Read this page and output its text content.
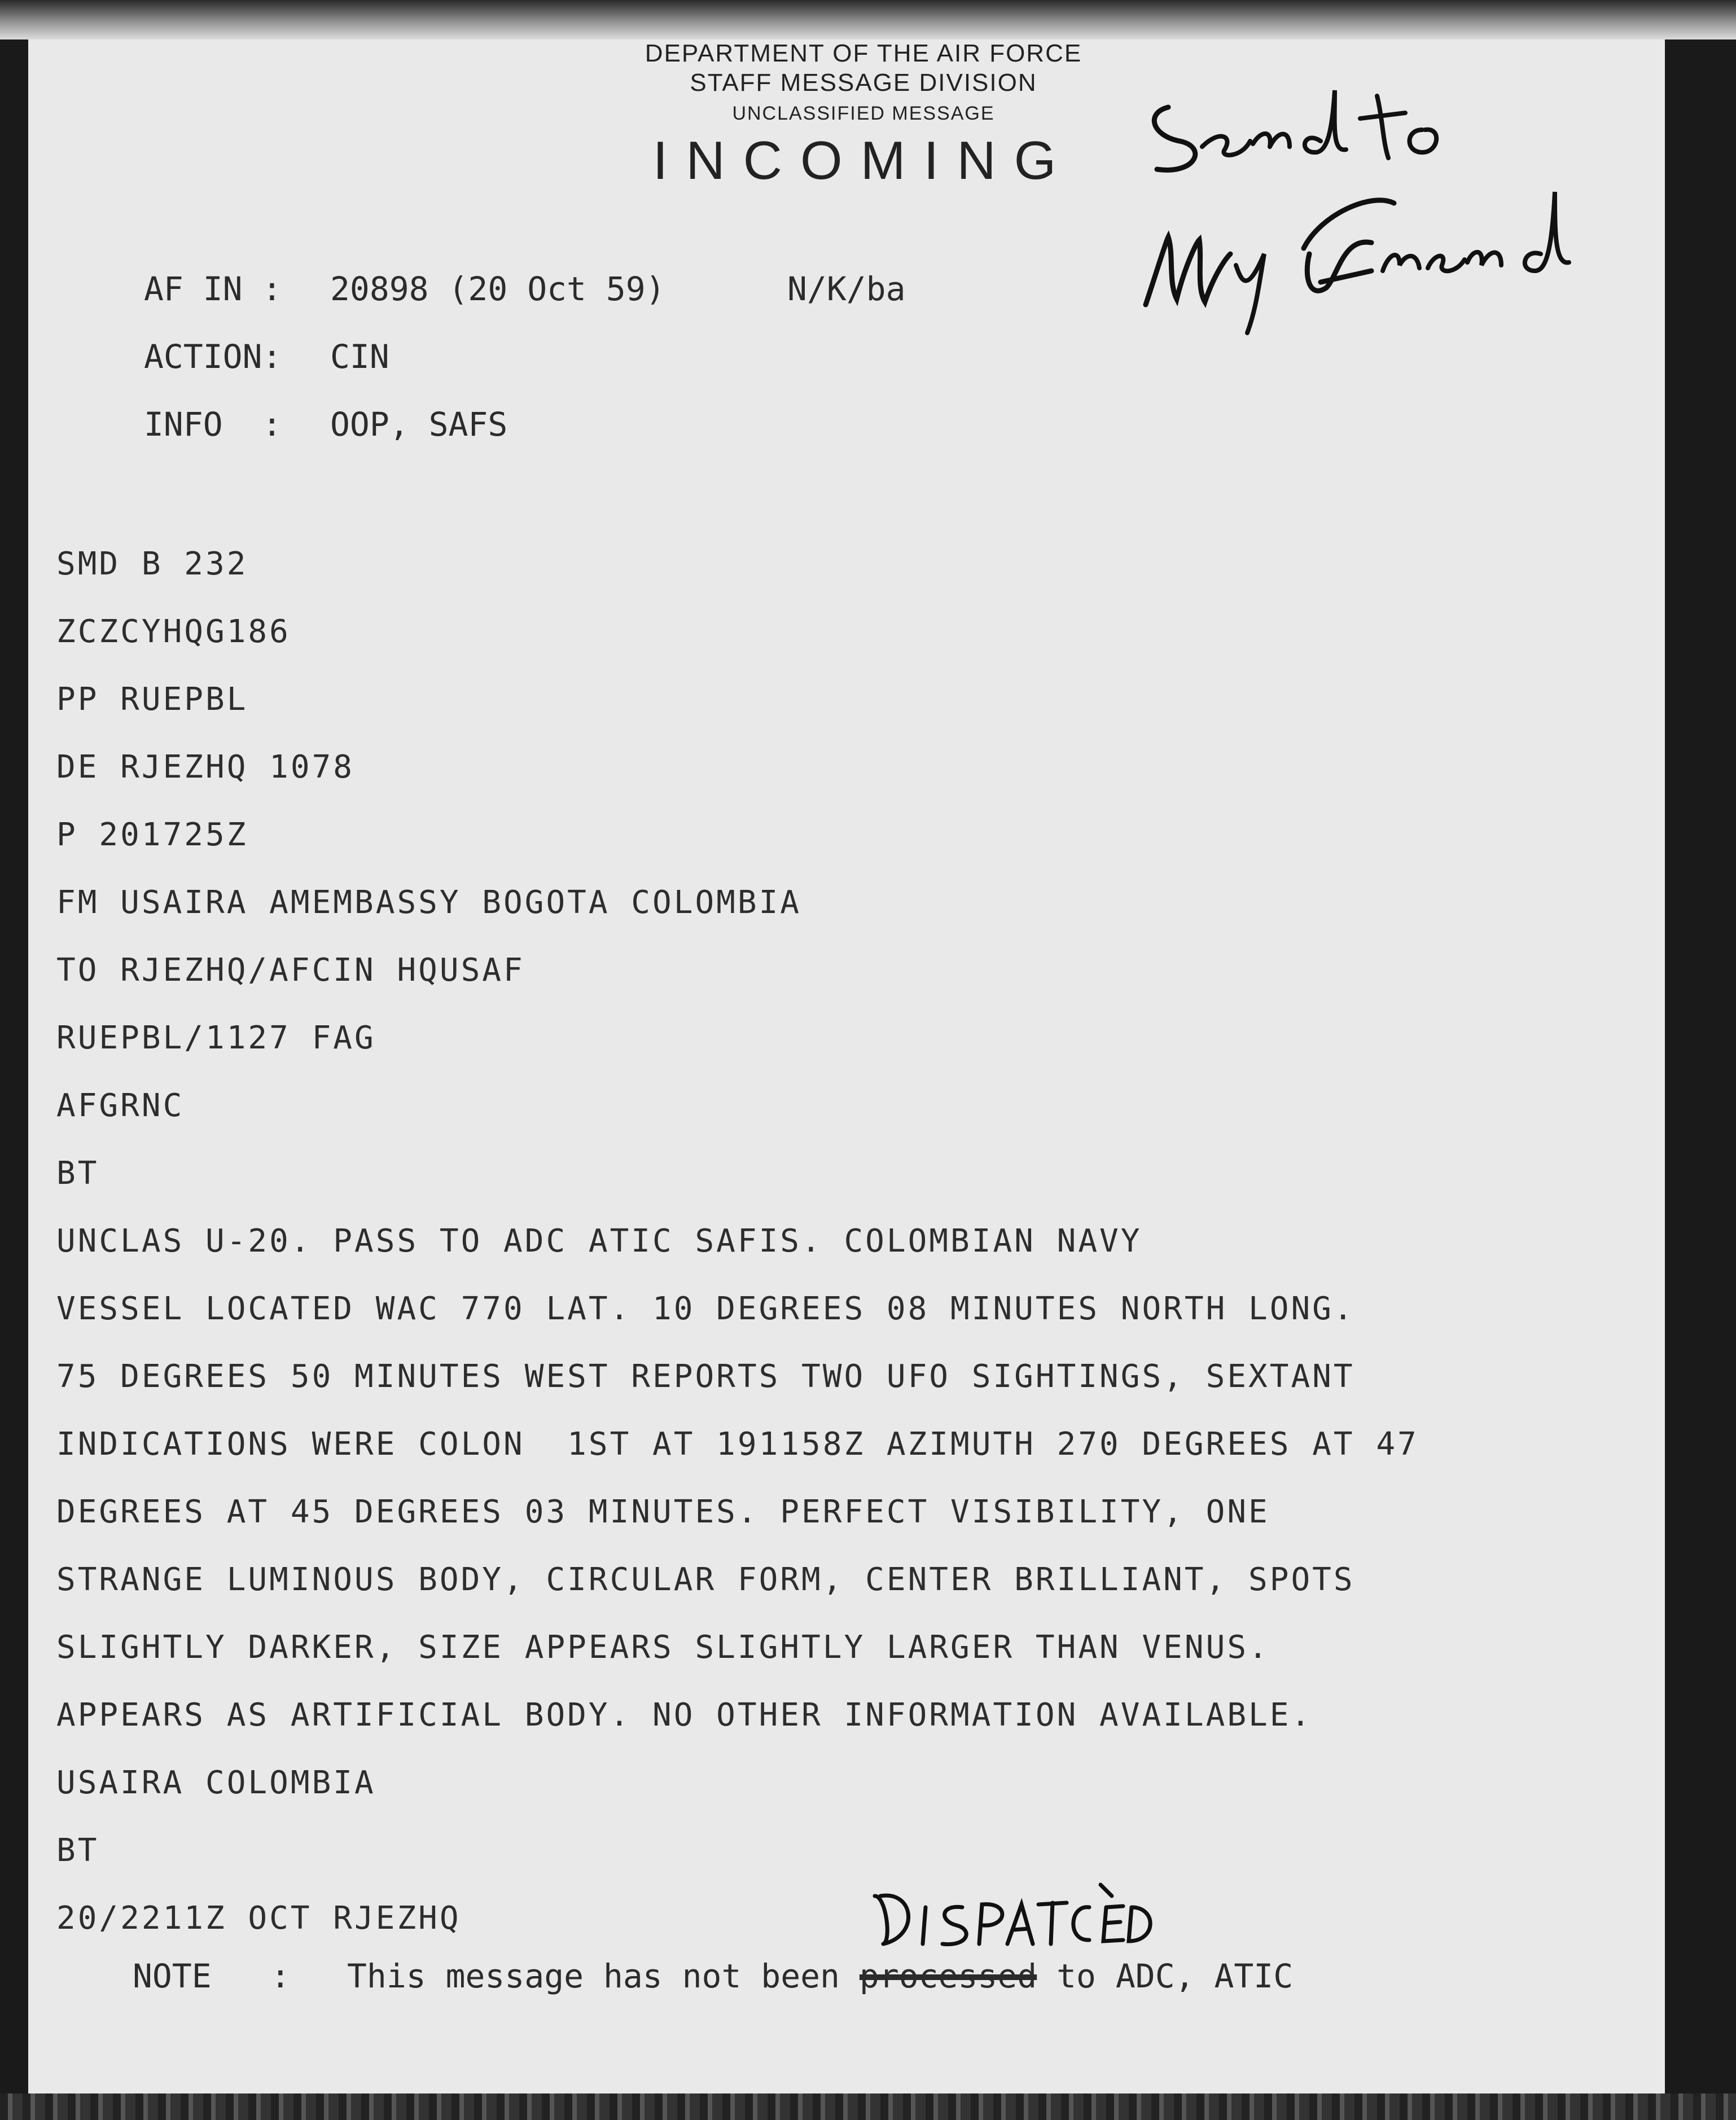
DEPARTMENT OF THE AIR FORCE
STAFF MESSAGE DIVISION
UNCLASSIFIED MESSAGE
INCOMING
AF IN : 20898 (20 Oct 59)
ACTION: CIN
INFO  : OOP, SAFS
N/K/ba
SMD B 232
ZCZCYHQG186
PP RUEPBL
DE RJEZHQ 1078
P 201725Z
FM USAIRA AMEMBASSY BOGOTA COLOMBIA
TO RJEZHQ/AFCIN HQUSAF
RUEPBL/1127 FAG
AFGRNC
BT
UNCLAS U-20. PASS TO ADC ATIC SAFIS. COLOMBIAN NAVY
VESSEL LOCATED WAC 770 LAT. 10 DEGREES 08 MINUTES NORTH LONG.
75 DEGREES 50 MINUTES WEST REPORTS TWO UFO SIGHTINGS, SEXTANT
INDICATIONS WERE COLON  1ST AT 191158Z AZIMUTH 270 DEGREES AT 47
DEGREES AT 45 DEGREES 03 MINUTES. PERFECT VISIBILITY, ONE
STRANGE LUMINOUS BODY, CIRCULAR FORM, CENTER BRILLIANT, SPOTS
SLIGHTLY DARKER, SIZE APPEARS SLIGHTLY LARGER THAN VENUS.
APPEARS AS ARTIFICIAL BODY. NO OTHER INFORMATION AVAILABLE.
USAIRA COLOMBIA
BT
20/2211Z OCT RJEZHQ
NOTE   : This message has not been processed to ADC, ATIC
